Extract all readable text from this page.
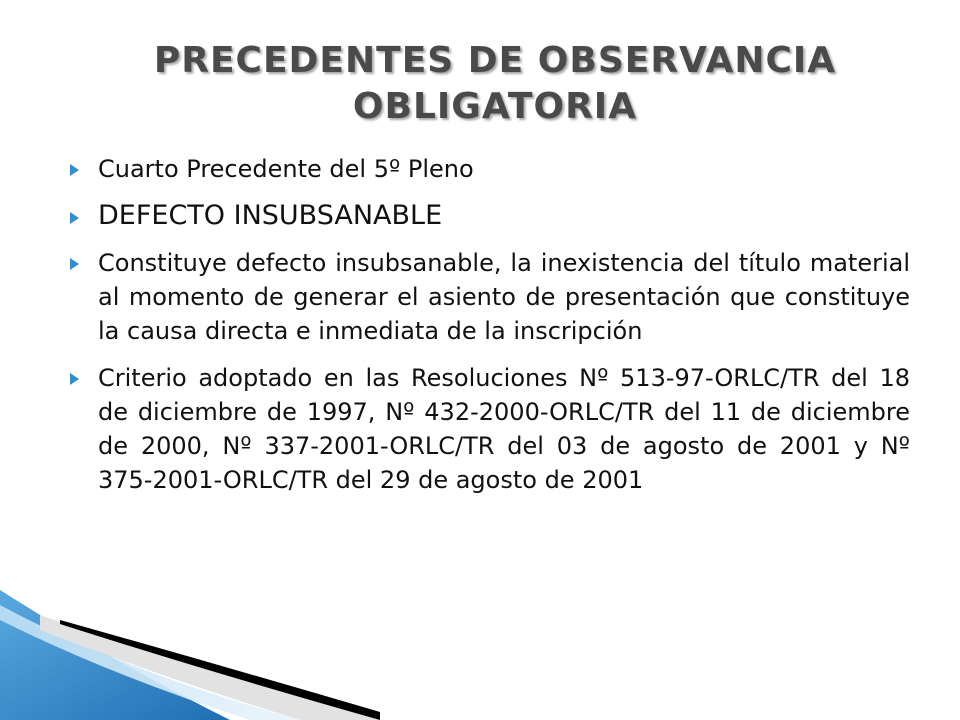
PRECEDENTES DE OBSERVANCIA OBLIGATORIA
Cuarto Precedente del 5º Pleno
DEFECTO INSUBSANABLE
Constituye defecto insubsanable, la inexistencia del título material al momento de generar el asiento de presentación que constituye la causa directa e inmediata de la inscripción
Criterio adoptado en las Resoluciones Nº 513-97-ORLC/TR del 18 de diciembre de 1997, Nº 432-2000-ORLC/TR del 11 de diciembre de 2000, Nº 337-2001-ORLC/TR del 03 de agosto de 2001 y Nº 375-2001-ORLC/TR del 29 de agosto de 2001
